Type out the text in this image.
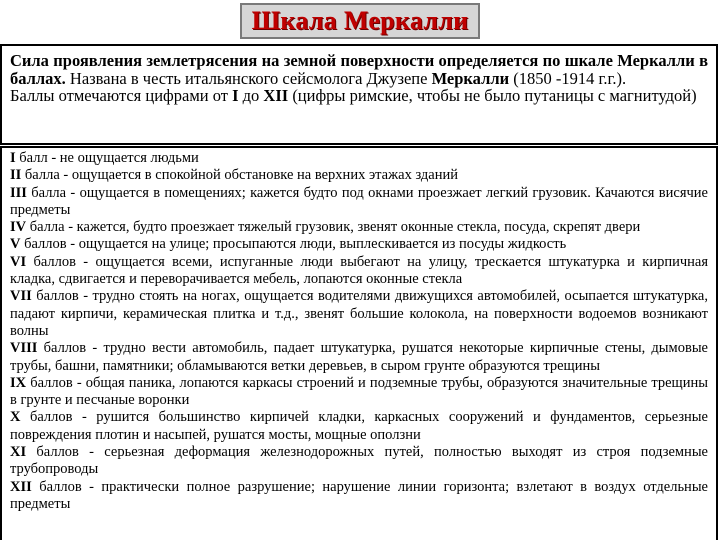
Шкала Меркалли

Сила проявления землетрясения на земной поверхности определяется по шкале Меркалли в баллах. Названа в честь итальянского сейсмолога Джузепе Меркалли (1850 -1914 г.г.).

Баллы отмечаются цифрами от I до XII (цифры римские, чтобы не было путаницы с магнитудой)

I балл - не ощущается людьми

II балла - ощущается в спокойной обстановке на верхних этажах зданий

III балла - ощущается в помещениях; кажется будто под окнами проезжает легкий грузовик. Качаются висячие предметы

IV балла - кажется, будто проезжает тяжелый грузовик, звенят оконные стекла, посуда, скрепят двери

V баллов - ощущается на улице; просыпаются люди, выплескивается из посуды жидкость

VI баллов - ощущается всеми, испуганные люди выбегают на улицу, трескается штукатурка и кирпичная кладка, сдвигается и переворачивается мебель, лопаются оконные стекла

VII баллов - трудно стоять на ногах, ощущается водителями движущихся автомобилей, осыпается штукатурка, падают кирпичи, керамическая плитка и т.д., звенят большие колокола, на поверхности водоемов возникают волны

VIII баллов - трудно вести автомобиль, падает штукатурка, рушатся некоторые кирпичные стены, дымовые трубы, башни, памятники; обламываются ветки деревьев, в сыром грунте образуются трещины

IX баллов - общая паника, лопаются каркасы строений и подземные трубы, образуются значительные трещины в грунте и песчаные воронки

X баллов - рушится большинство кирпичей кладки, каркасных сооружений и фундаментов, серьезные повреждения плотин и насыпей, рушатся мосты, мощные оползни

XI баллов - серьезная деформация железнодорожных путей, полностью выходят из строя подземные трубопроводы

XII баллов - практически полное разрушение; нарушение линии горизонта; взлетают в воздух отдельные предметы
